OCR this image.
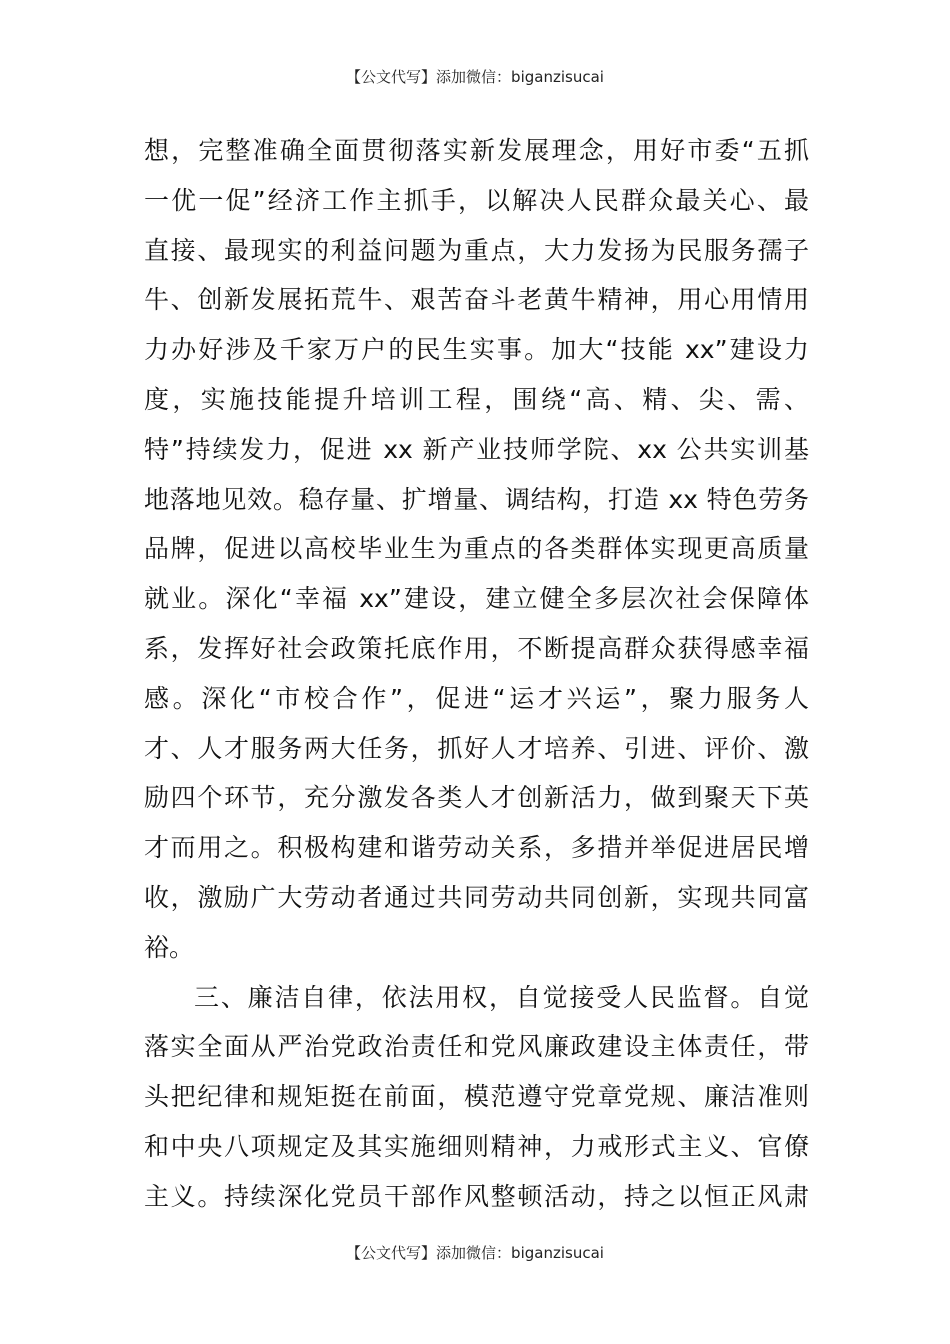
【公文代写】添加微信：biganzisucai
想，完整准确全面贯彻落实新发展理念，用好市委“五抓
一优一促”经济工作主抓手，以解决人民群众最关心、最
直接、最现实的利益问题为重点，大力发扬为民服务孺子
牛、创新发展拓荒牛、艰苦奋斗老黄牛精神，用心用情用
力办好涉及千家万户的民生实事。加大“技能 xx”建设力
度，实施技能提升培训工程，围绕“高、精、尖、需、
特”持续发力，促进 xx 新产业技师学院、xx 公共实训基
地落地见效。稳存量、扩增量、调结构，打造 xx 特色劳务
品牌，促进以高校毕业生为重点的各类群体实现更高质量
就业。深化“幸福 xx”建设，建立健全多层次社会保障体
系，发挥好社会政策托底作用，不断提高群众获得感幸福
感。深化“市校合作”，促进“运才兴运”，聚力服务人
才、人才服务两大任务，抓好人才培养、引进、评价、激
励四个环节，充分激发各类人才创新活力，做到聚天下英
才而用之。积极构建和谐劳动关系，多措并举促进居民增
收，激励广大劳动者通过共同劳动共同创新，实现共同富
裕。
三、廉洁自律，依法用权，自觉接受人民监督。自觉
落实全面从严治党政治责任和党风廉政建设主体责任，带
头把纪律和规矩挺在前面，模范遵守党章党规、廉洁准则
和中央八项规定及其实施细则精神，力戒形式主义、官僚
主义。持续深化党员干部作风整顿活动，持之以恒正风肃
【公文代写】添加微信：biganzisucai
